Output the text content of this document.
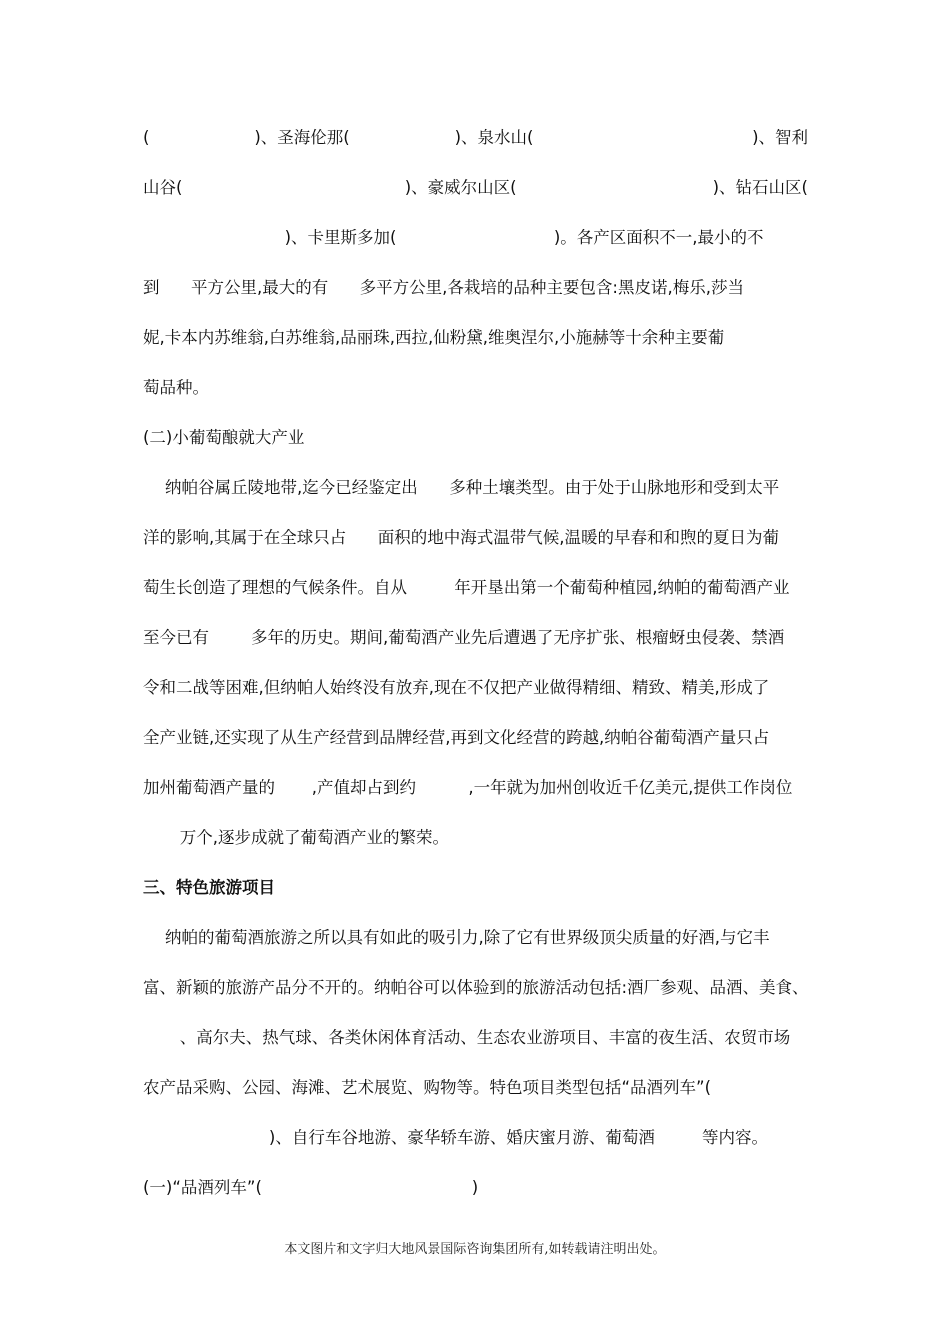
(                    )、圣海伦那(                    )、泉水山(	)、智利
山谷(	)、豪威尔山区(	)、钻石山区(
)、卡里斯多加(                              )。各产区面积不一,最小的不
到      平方公里,最大的有      多平方公里,各栽培的品种主要包含:黑皮诺,梅乐,莎当
妮,卡本内苏维翁,白苏维翁,品丽珠,西拉,仙粉黛,维奥涅尔,小施赫等十余种主要葡
萄品种。
(二)小葡萄酿就大产业
纳帕谷属丘陵地带,迄今已经鉴定出      多种土壤类型。由于处于山脉地形和受到太平
洋的影响,其属于在全球只占      面积的地中海式温带气候,温暖的早春和和煦的夏日为葡
萄生长创造了理想的气候条件。自从         年开垦出第一个葡萄种植园,纳帕的葡萄酒产业
至今已有        多年的历史。期间,葡萄酒产业先后遭遇了无序扩张、根瘤蚜虫侵袭、禁酒
令和二战等困难,但纳帕人始终没有放弃,现在不仅把产业做得精细、精致、精美,形成了
全产业链,还实现了从生产经营到品牌经营,再到文化经营的跨越,纳帕谷葡萄酒产量只占
加州葡萄酒产量的       ,产值却占到约          ,一年就为加州创收近千亿美元,提供工作岗位
万个,逐步成就了葡萄酒产业的繁荣。
三、特色旅游项目
纳帕的葡萄酒旅游之所以具有如此的吸引力,除了它有世界级顶尖质量的好酒,与它丰
富、新颖的旅游产品分不开的。纳帕谷可以体验到的旅游活动包括:酒厂参观、品酒、美食、
、高尔夫、热气球、各类休闲体育活动、生态农业游项目、丰富的夜生活、农贸市场
农产品采购、公园、海滩、艺术展览、购物等。特色项目类型包括“品酒列车”(
)、自行车谷地游、豪华轿车游、婚庆蜜月游、葡萄酒         等内容。
(一)“品酒列车”(                                        )
本文图片和文字归大地风景国际咨询集团所有,如转载请注明出处。
